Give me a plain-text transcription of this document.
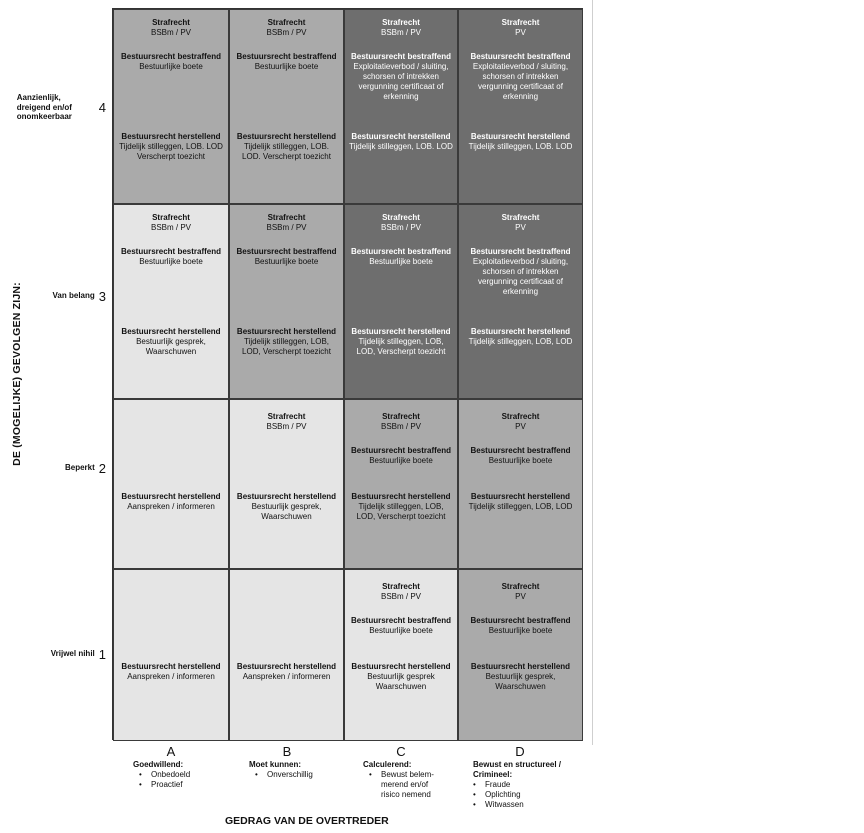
DE (MOGELIJKE) GEVOLGEN ZIJN:
Aanzienlijk, dreigend en/of onomkeerbaar
4
Van belang 3
Beperkt 2
Vrijwel nihil 1
Strafrecht
BSBm / PV
Bestuursrecht bestraffend
Bestuurlijke boete
Bestuursrecht herstellend
Tijdelijk stilleggen, LOB. LOD Verscherpt toezicht
Strafrecht
BSBm / PV
Bestuursrecht bestraffend
Bestuurlijke boete
Bestuursrecht herstellend
Tijdelijk stilleggen, LOB. LOD. Verscherpt toezicht
Strafrecht
BSBm / PV
Bestuursrecht bestraffend
Exploitatieverbod / sluiting, schorsen of intrekken vergunning certificaat of erkenning
Bestuursrecht herstellend
Tijdelijk stilleggen, LOB. LOD
Strafrecht
PV
Bestuursrecht bestraffend
Exploitatieverbod / sluiting, schorsen of intrekken vergunning certificaat of erkenning
Bestuursrecht herstellend
Tijdelijk stilleggen, LOB. LOD
Strafrecht
BSBm / PV
Bestuursrecht bestraffend
Bestuurlijke boete
Bestuursrecht herstellend
Bestuurlijk gesprek, Waarschuwen
Strafrecht
BSBm / PV
Bestuursrecht bestraffend
Bestuurlijke boete
Bestuursrecht herstellend
Tijdelijk stilleggen, LOB, LOD, Verscherpt toezicht
Strafrecht
BSBm / PV
Bestuursrecht bestraffend
Bestuurlijke boete
Bestuursrecht herstellend
Tijdelijk stilleggen, LOB, LOD, Verscherpt toezicht
Strafrecht
PV
Bestuursrecht bestraffend
Exploitatieverbod / sluiting, schorsen of intrekken vergunning certificaat of erkenning
Bestuursrecht herstellend
Tijdelijk stilleggen, LOB, LOD
Bestuursrecht herstellend
Aanspreken / informeren
Strafrecht
BSBm / PV
Bestuursrecht herstellend
Bestuurlijk gesprek, Waarschuwen
Strafrecht
BSBm / PV
Bestuursrecht bestraffend
Bestuurlijke boete
Bestuursrecht herstellend
Tijdelijk stilleggen, LOB, LOD, Verscherpt toezicht
Strafrecht
PV
Bestuursrecht bestraffend
Bestuurlijke boete
Bestuursrecht herstellend
Tijdelijk stilleggen, LOB, LOD
Bestuursrecht herstellend
Aanspreken / informeren
Bestuursrecht herstellend
Aanspreken / informeren
Strafrecht
BSBm / PV
Bestuursrecht bestraffend
Bestuurlijke boete
Bestuursrecht herstellend
Bestuurlijk gesprek Waarschuwen
Strafrecht
PV
Bestuursrecht bestraffend
Bestuurlijke boete
Bestuursrecht herstellend
Bestuurlijk gesprek, Waarschuwen
A
Goedwillend:
• Onbedoeld
• Proactief
B
Moet kunnen:
• Onverschillig
C
Calculerend:
• Bewust belem-merend en/of risico nemend
D
Bewust en structureel / Crimineel:
• Fraude
• Oplichting
• Witwassen
GEDRAG VAN DE OVERTREDER
